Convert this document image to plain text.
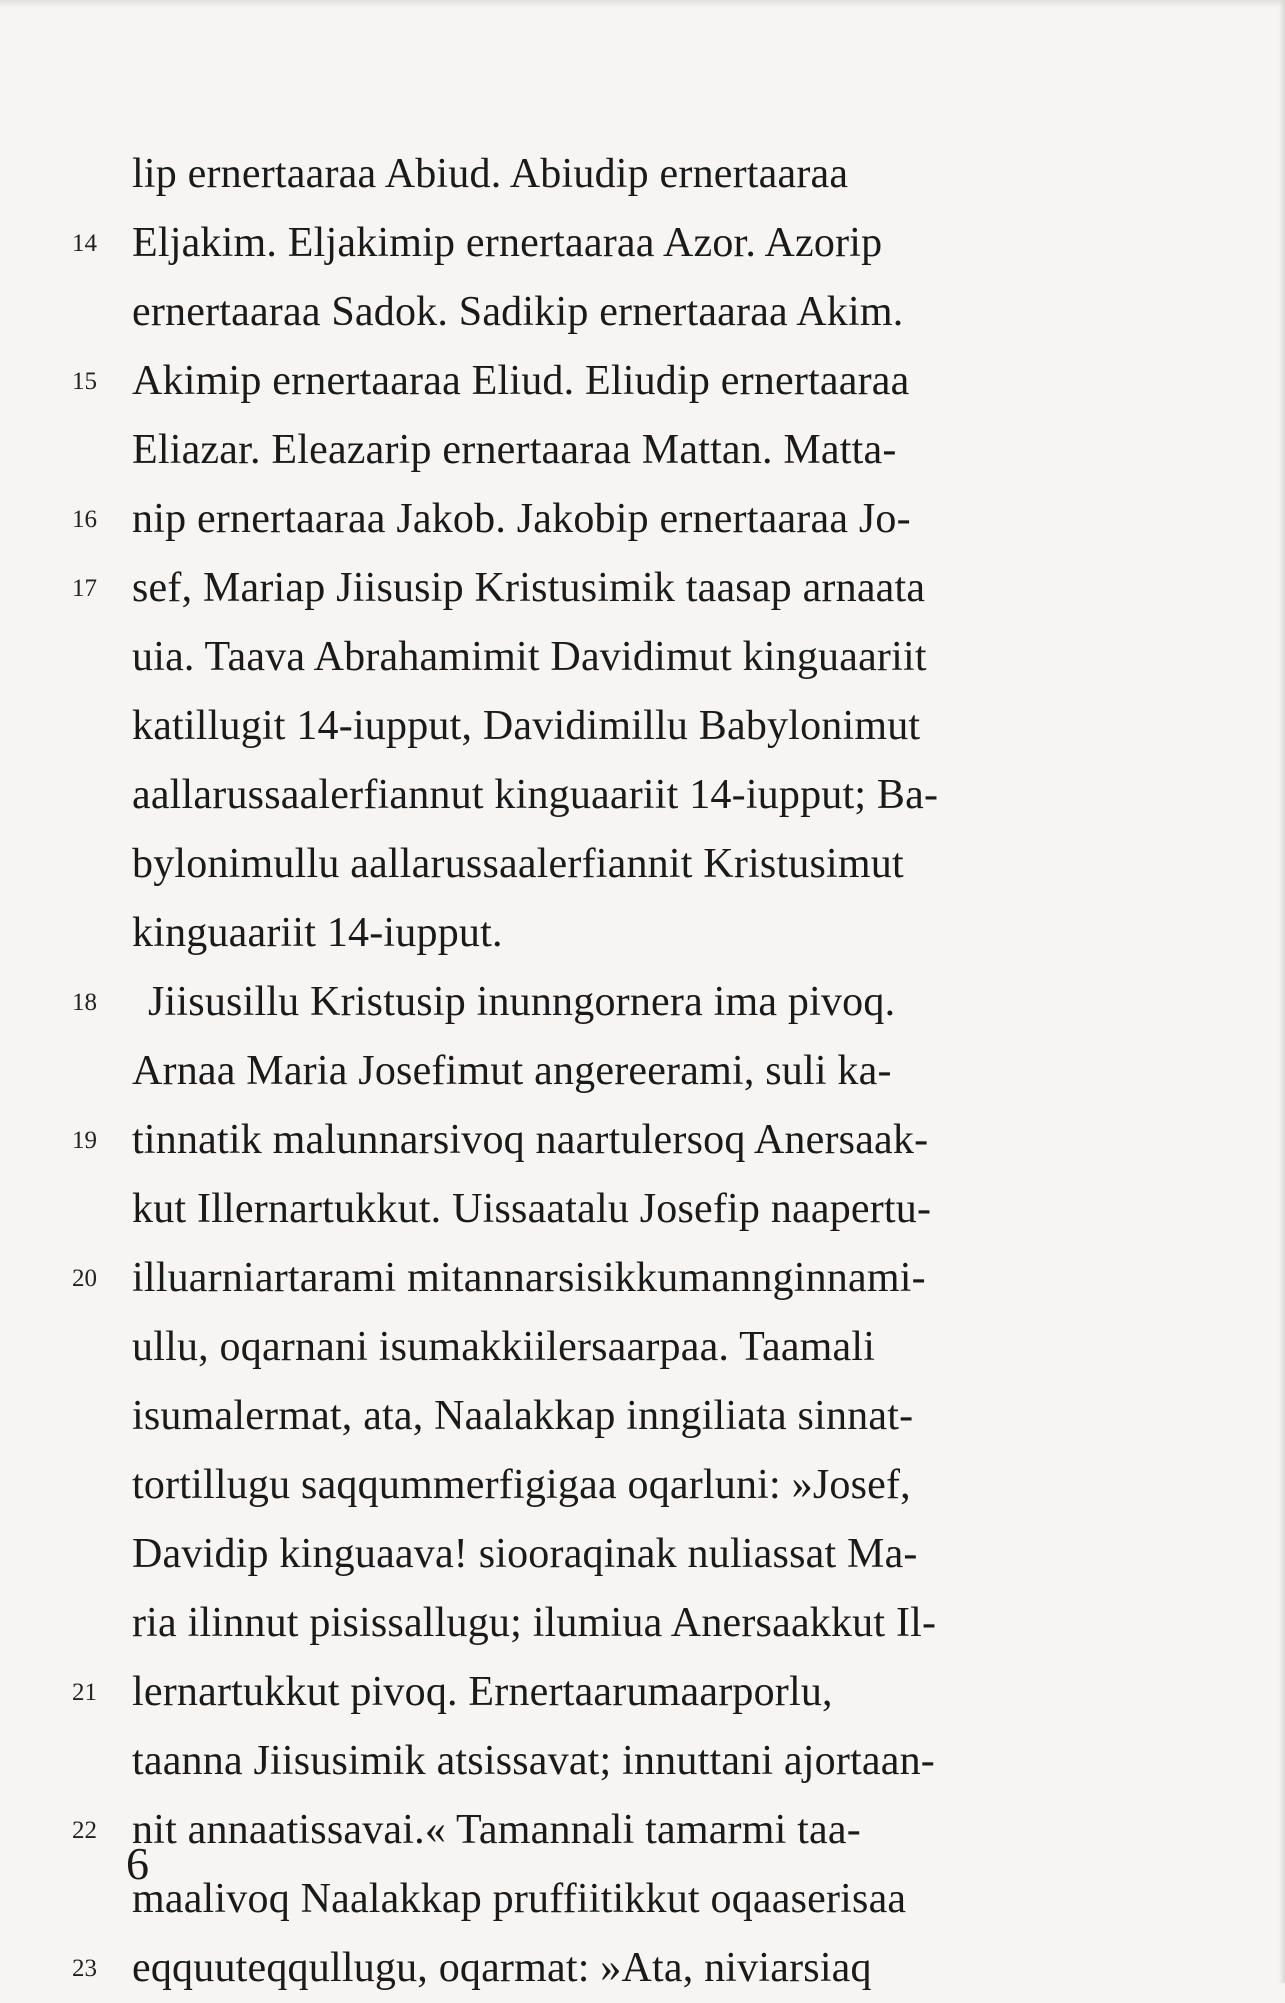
lip ernertaaraa Abiud. Abiudip ernertaaraa
14 Eljakim. Eljakimip ernertaaraa Azor. Azorip
ernertaaraa Sadok. Sadikip ernertaaraa Akim.
15 Akimip ernertaaraa Eliud. Eliudip ernertaaraa
Eliazar. Eleazarip ernertaaraa Mattan. Matta-
16 nip ernertaaraa Jakob. Jakobip ernertaaraa Jo-
17 sef, Mariap Jiisusip Kristusimik taasap arnaata
uia. Taava Abrahamimit Davidimut kinguaariit
katillugit 14-iupput, Davidimillu Babylonimut
aallarussaalerfiannut kinguaariit 14-iupput; Ba-
bylonimullu aallarussaalerfiannit Kristusimut
kinguaariit 14-iupput.
18	Jiisusillu Kristusip inunngornera ima pivoq.
Arnaa Maria Josefimut angereerami, suli ka-
19 tinnatik malunnarsivoq naartulersoq Anersaak-
kut Illernartukkut. Uissaatalu Josefip naapertu-
20 illuarniartarami mitannarsisikkumannginnami-
ullu, oqarnani isumakkiilersaarpaa. Taamali
isumalermat, ata, Naalakkap inngiliata sinnat-
tortillugu saqqummerfigigaa oqarluni: »Josef,
Davidip kinguaava! siooraqinak nuliassat Ma-
ria ilinnut pisissallugu; ilumiua Anersaakkut Il-
21 lernartukkut pivoq. Ernertaarumaarporlu,
taanna Jiisusimik atsissavat; innuttani ajortaan-
22 nit annaatissavai.« Tamannali tamarmi taa-
maalivoq Naalakkap pruffiitikkut oqaaserisaa
23 eqquuteqqullugu, oqarmat: »Ata, niviarsiaq
6
